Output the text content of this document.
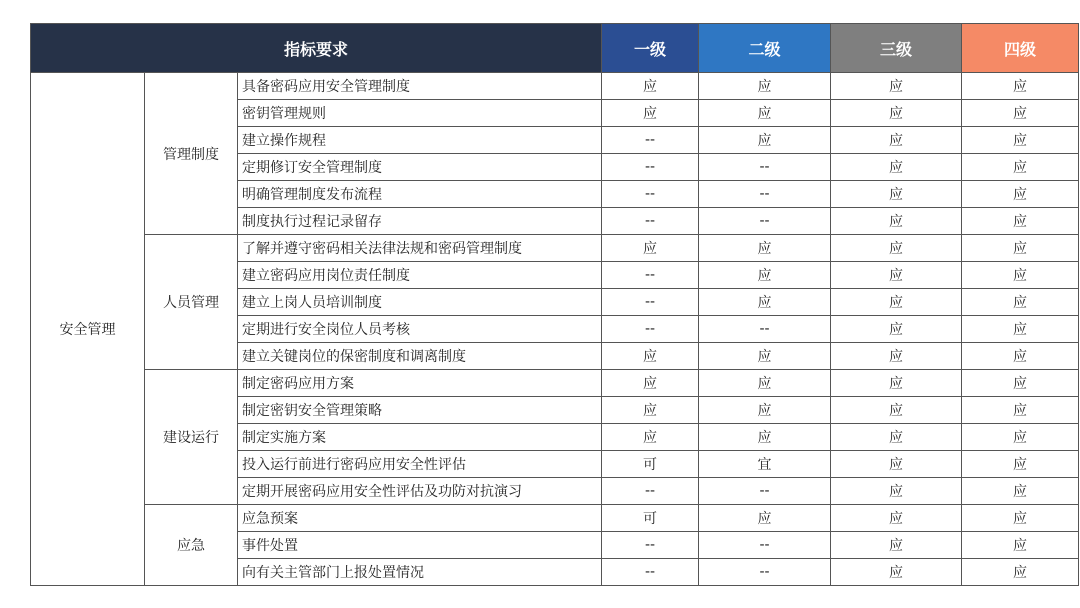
指标要求			一级	二级	三级	四级
安全管理	管理制度	具备密码应用安全管理制度	应	应	应	应
		密钥管理规则	应	应	应	应
		建立操作规程	--	应	应	应
		定期修订安全管理制度	--	--	应	应
		明确管理制度发布流程	--	--	应	应
		制度执行过程记录留存	--	--	应	应
	人员管理	了解并遵守密码相关法律法规和密码管理制度	应	应	应	应
		建立密码应用岗位责任制度	--	应	应	应
		建立上岗人员培训制度	--	应	应	应
		定期进行安全岗位人员考核	--	--	应	应
		建立关键岗位的保密制度和调离制度	应	应	应	应
	建设运行	制定密码应用方案	应	应	应	应
		制定密钥安全管理策略	应	应	应	应
		制定实施方案	应	应	应	应
		投入运行前进行密码应用安全性评估	可	宜	应	应
		定期开展密码应用安全性评估及功防对抗演习	--	--	应	应
	应急	应急预案	可	应	应	应
		事件处置	--	--	应	应
		向有关主管部门上报处置情况	--	--	应	应
